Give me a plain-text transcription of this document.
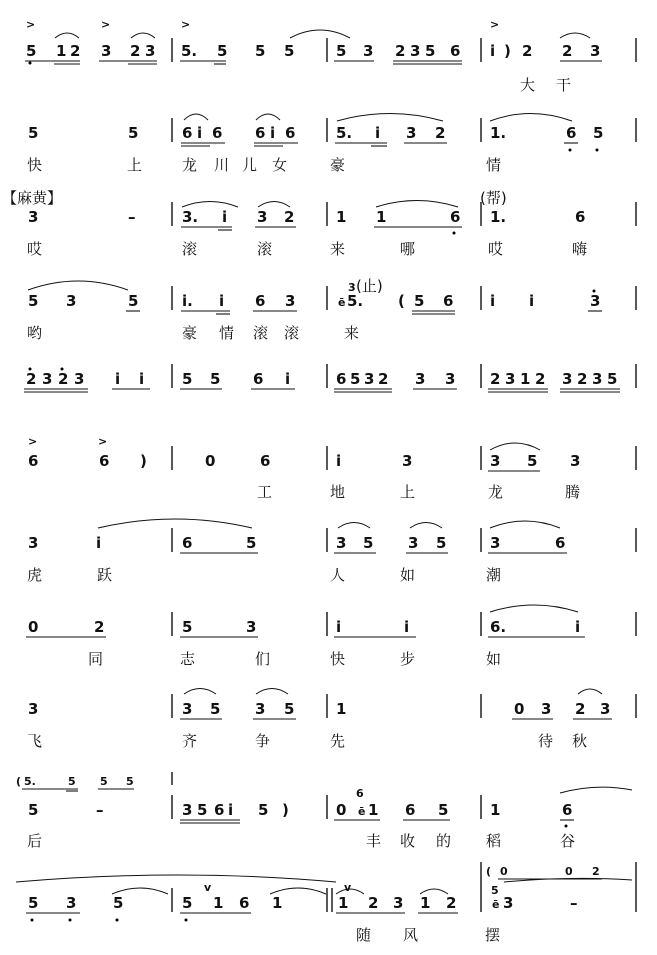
>	>	>	>
5 1 2 3 2 3 5. 5 5 5	5 3 2 3 5 6 i ) 2 2 3
大 干
5	5	6 i 6 6 i 6	5. i 3 2	1.	6 5
快	上	龙 川 儿 女	豪	情
【麻黄】	(帮)
3	–	3. i 3 2	1 1	6 1.	6
哎	滚	滚	来	哪	哎	嗨
3 (止)
5 3	5	i. i 6 3	ē 5. ( 5 6 i i	3
哟	豪 情 滚 滚	来
2 3 2 3 i i	5 5 6 i	6 5 3 2 3 3 2 3 1 2 3 2 3 5
>	>
6	6 )	0	6	i	3	3 5 3
工	地	上	龙	腾
3	i	6	5	3 5 3 5	3	6
虎	跃	人	如	潮
0	2	5	3	i	i	6.	i
同	志	们	快	步	如
3	3 5 3 5	1	0 3 2 3
飞	齐	争	先	待 秋
( 5.	5 5 5
5	–	3 5 6 i 5 )	0
6
ē 1 6 5	1	6
后	丰 收 的 稻	谷
v	v
( 0	0 2
5 3 5	5 1 6 1	1 2 3 1 2
5
ē 3	–
随 风	摆
